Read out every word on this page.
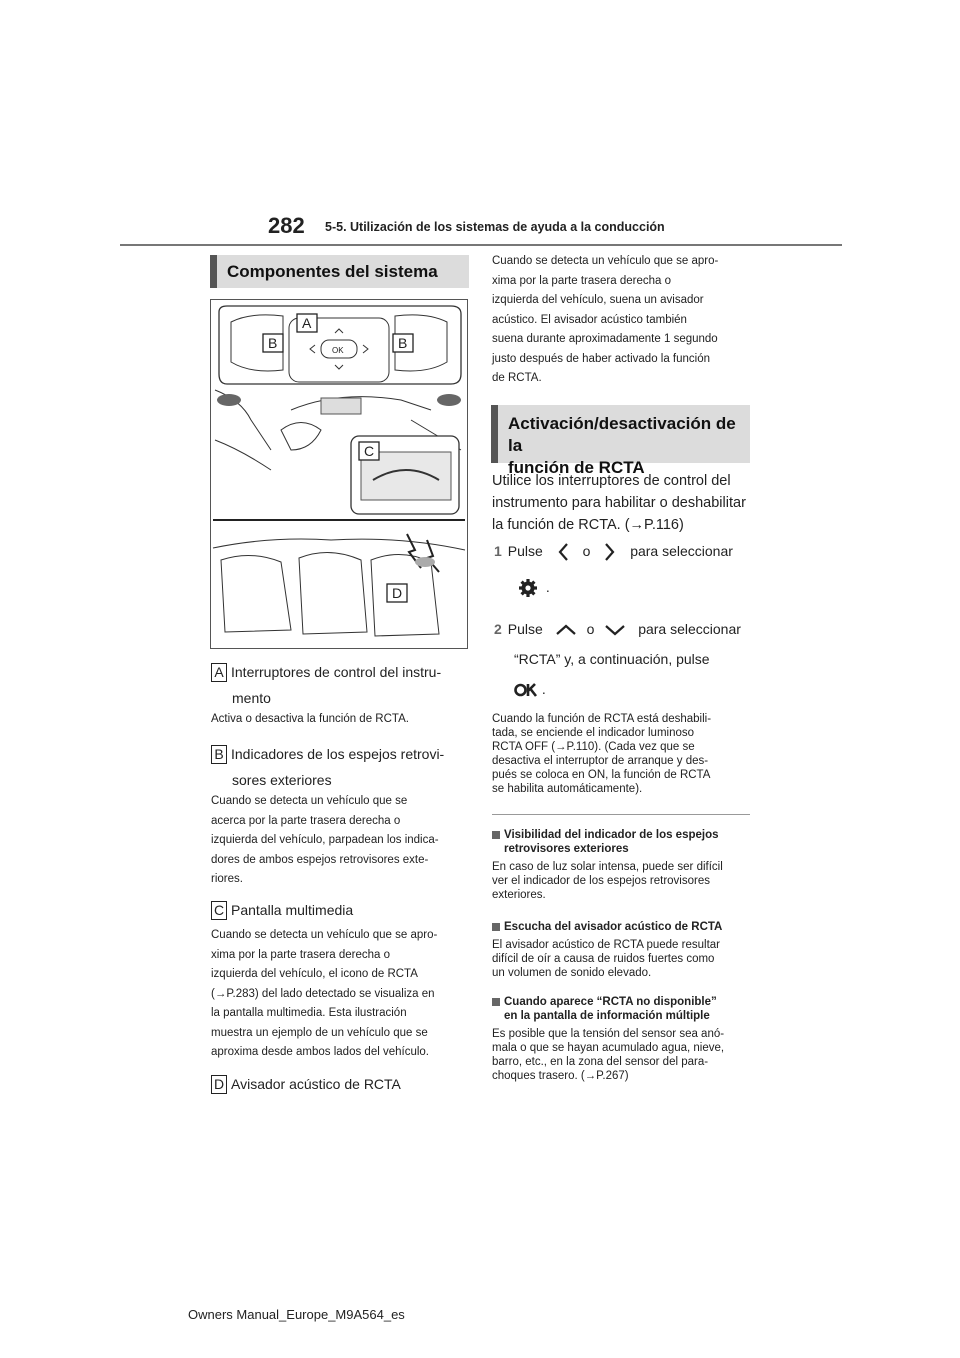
282 5-5. Utilización de los sistemas de ayuda a la conducción
Componentes del sistema
OK
A
B	B
C
D
A Interruptores de control del instru-
mento
Activa o desactiva la función de RCTA.
B Indicadores de los espejos retrovi-
sores exteriores
Cuando se detecta un vehículo que se
acerca por la parte trasera derecha o
izquierda del vehículo, parpadean los indica-
dores de ambos espejos retrovisores exte-
riores.
C Pantalla multimedia
Cuando se detecta un vehículo que se apro-
xima por la parte trasera derecha o
izquierda del vehículo, el icono de RCTA
(→P.283) del lado detectado se visualiza en
la pantalla multimedia. Esta ilustración
muestra un ejemplo de un vehículo que se
aproxima desde ambos lados del vehículo.
D Avisador acústico de RCTA
Cuando se detecta un vehículo que se apro-
xima por la parte trasera derecha o
izquierda del vehículo, suena un avisador
acústico. El avisador acústico también
suena durante aproximadamente 1 segundo
justo después de haber activado la función
de RCTA.
Activación/desactivación de la
función de RCTA
Utilice los interruptores de control del
instrumento para habilitar o deshabilitar
la función de RCTA. (→P.116)
1 Pulse	o	para seleccionar
.
2 Pulse	o	para seleccionar
“RCTA” y, a continuación, pulse
.
Cuando la función de RCTA está deshabili-
tada, se enciende el indicador luminoso
RCTA OFF (→P.110). (Cada vez que se
desactiva el interruptor de arranque y des-
pués se coloca en ON, la función de RCTA
se habilita automáticamente).
Visibilidad del indicador de los espejos
retrovisores exteriores
En caso de luz solar intensa, puede ser difícil
ver el indicador de los espejos retrovisores
exteriores.
Escucha del avisador acústico de RCTA
El avisador acústico de RCTA puede resultar
difícil de oír a causa de ruidos fuertes como
un volumen de sonido elevado.
Cuando aparece “RCTA no disponible”
en la pantalla de información múltiple
Es posible que la tensión del sensor sea anó-
mala o que se hayan acumulado agua, nieve,
barro, etc., en la zona del sensor del para-
choques trasero. (→P.267)
Owners Manual_Europe_M9A564_es
